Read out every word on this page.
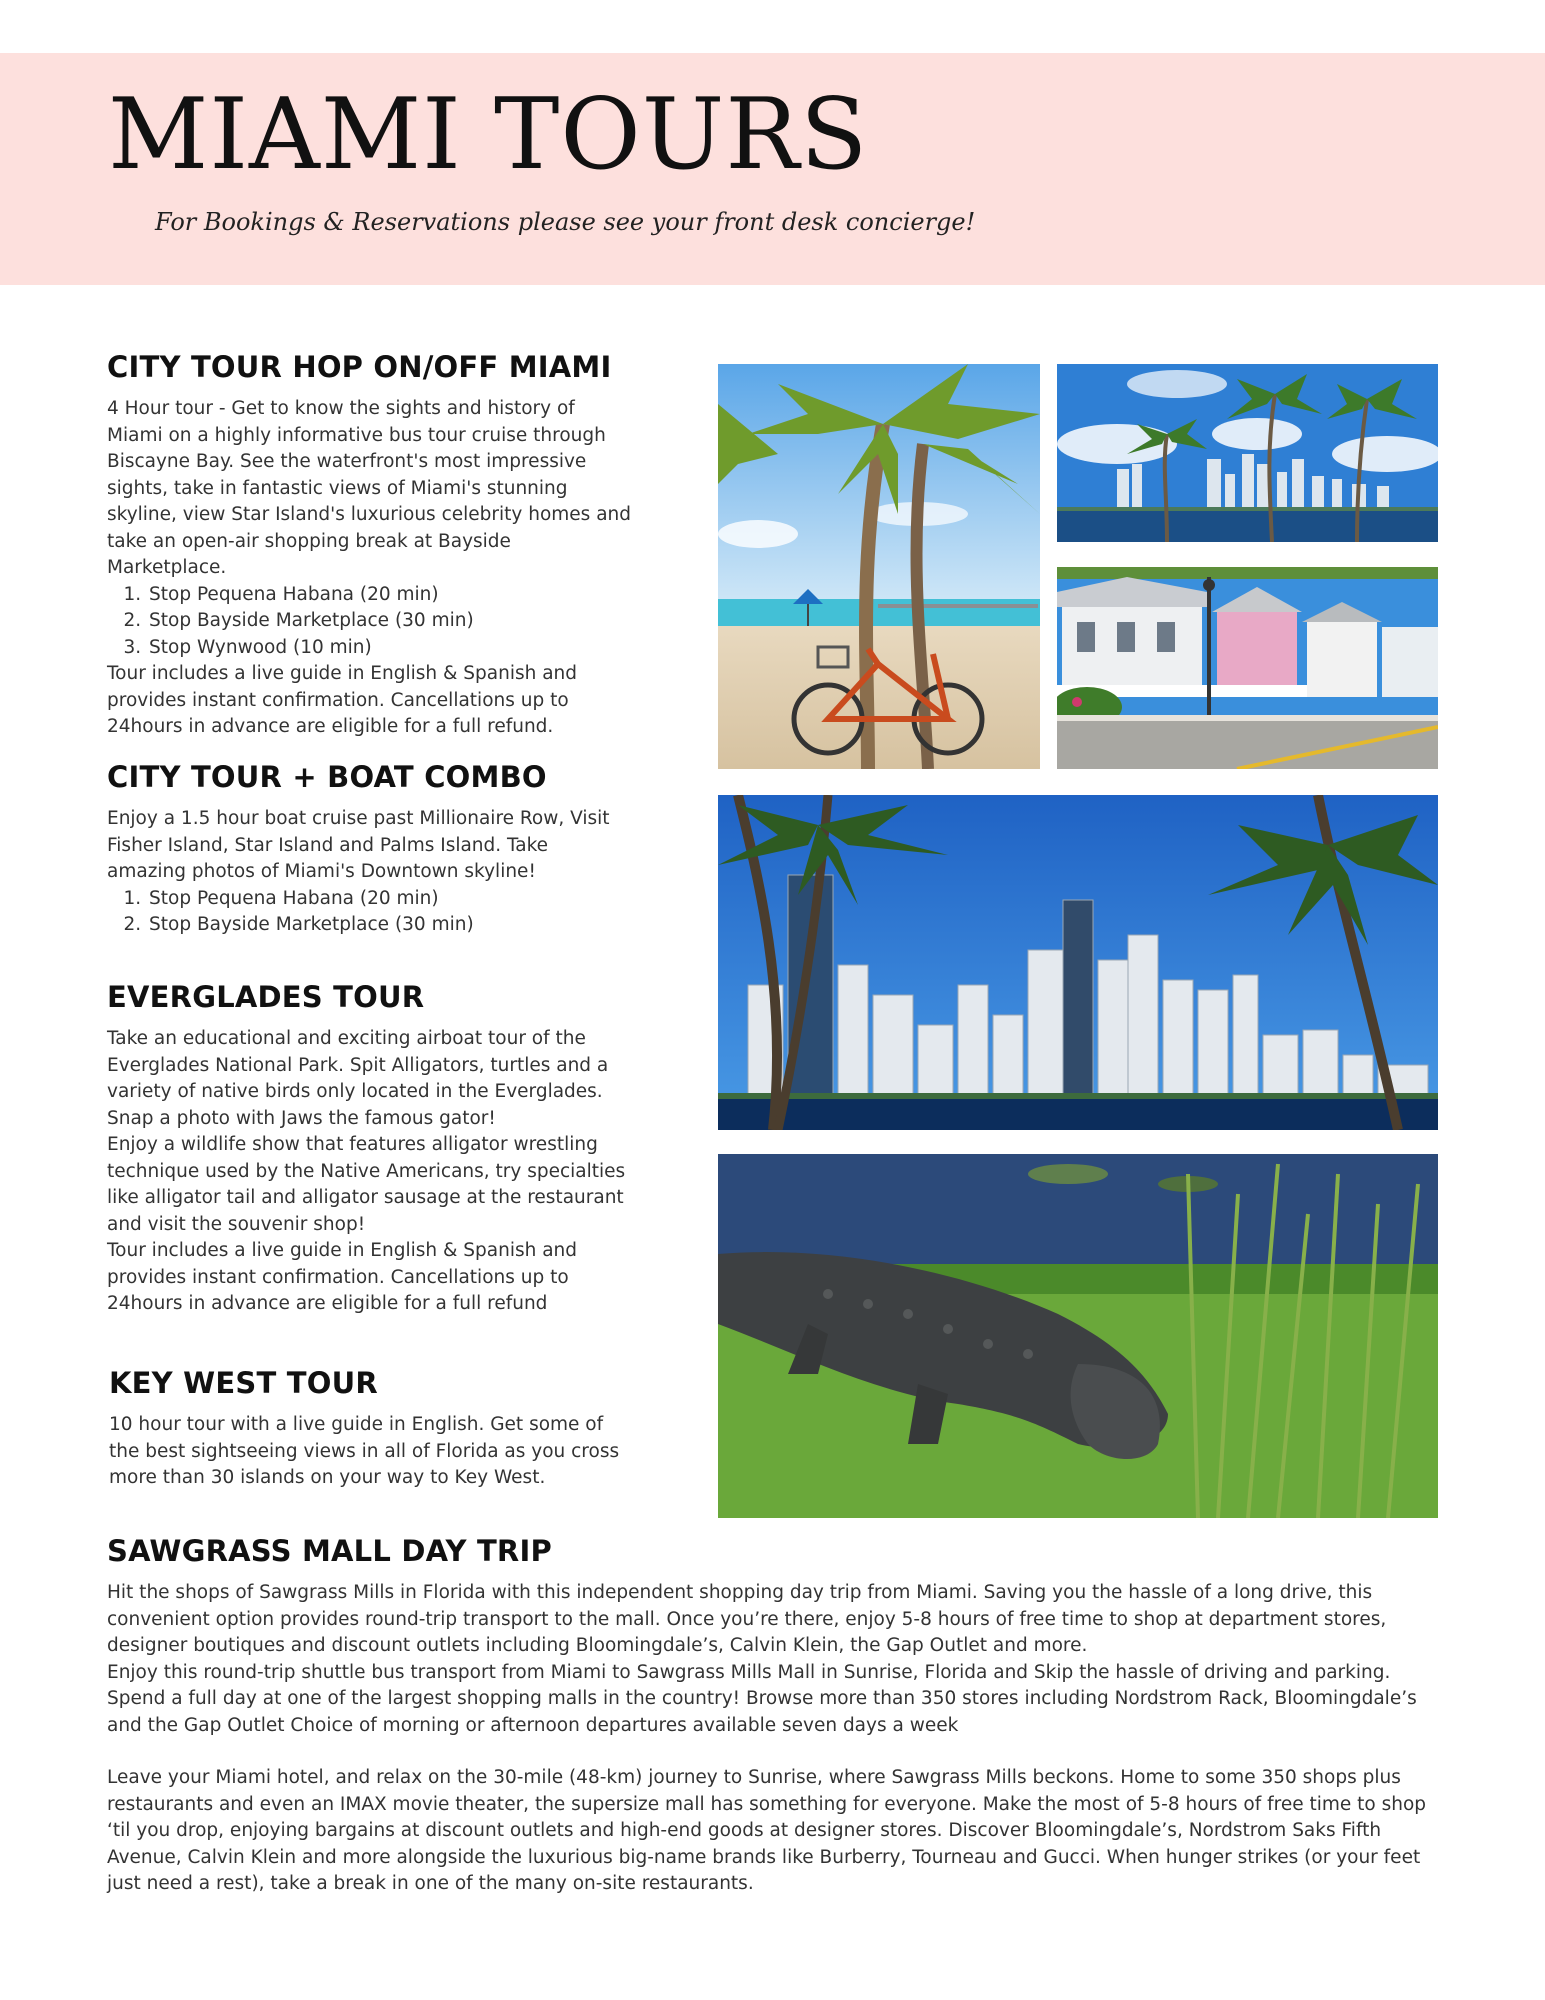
MIAMI TOURS

For Bookings & Reservations please see your front desk concierge!

CITY TOUR HOP ON/OFF MIAMI

4 Hour tour - Get to know the sights and history of Miami on a highly informative bus tour cruise through Biscayne Bay. See the waterfront's most impressive sights, take in fantastic views of Miami's stunning skyline, view Star Island's luxurious celebrity homes and take an open-air shopping break at Bayside Marketplace.

1. Stop Pequena Habana (20 min)
2. Stop Bayside Marketplace (30 min)
3. Stop Wynwood (10 min)

Tour includes a live guide in English & Spanish and provides instant confirmation. Cancellations up to 24hours in advance are eligible for a full refund.

CITY TOUR + BOAT COMBO

Enjoy a 1.5 hour boat cruise past Millionaire Row, Visit Fisher Island, Star Island and Palms Island. Take amazing photos of Miami's Downtown skyline!

1. Stop Pequena Habana (20 min)
2. Stop Bayside Marketplace (30 min)
EVERGLADES TOUR

Take an educational and exciting airboat tour of the Everglades National Park. Spit Alligators, turtles and a variety of native birds only located in the Everglades. Snap a photo with Jaws the famous gator!

Enjoy a wildlife show that features alligator wrestling technique used by the Native Americans, try specialties like alligator tail and alligator sausage at the restaurant and visit the souvenir shop!

Tour includes a live guide in English & Spanish and provides instant confirmation. Cancellations up to 24hours in advance are eligible for a full refund

KEY WEST TOUR

10 hour tour with a live guide in English. Get some of the best sightseeing views in all of Florida as you cross more than 30 islands on your way to Key West.

SAWGRASS MALL DAY TRIP

Hit the shops of Sawgrass Mills in Florida with this independent shopping day trip from Miami. Saving you the hassle of a long drive, this convenient option provides round-trip transport to the mall. Once you’re there, enjoy 5-8 hours of free time to shop at department stores, designer boutiques and discount outlets including Bloomingdale’s, Calvin Klein, the Gap Outlet and more.

Enjoy this round-trip shuttle bus transport from Miami to Sawgrass Mills Mall in Sunrise, Florida and Skip the hassle of driving and parking. Spend a full day at one of the largest shopping malls in the country! Browse more than 350 stores including Nordstrom Rack, Bloomingdale’s and the Gap Outlet Choice of morning or afternoon departures available seven days a week

Leave your Miami hotel, and relax on the 30-mile (48-km) journey to Sunrise, where Sawgrass Mills beckons. Home to some 350 shops plus restaurants and even an IMAX movie theater, the supersize mall has something for everyone. Make the most of 5-8 hours of free time to shop ‘til you drop, enjoying bargains at discount outlets and high-end goods at designer stores. Discover Bloomingdale’s, Nordstrom Saks Fifth Avenue, Calvin Klein and more alongside the luxurious big-name brands like Burberry, Tourneau and Gucci. When hunger strikes (or your feet just need a rest), take a break in one of the many on-site restaurants.
